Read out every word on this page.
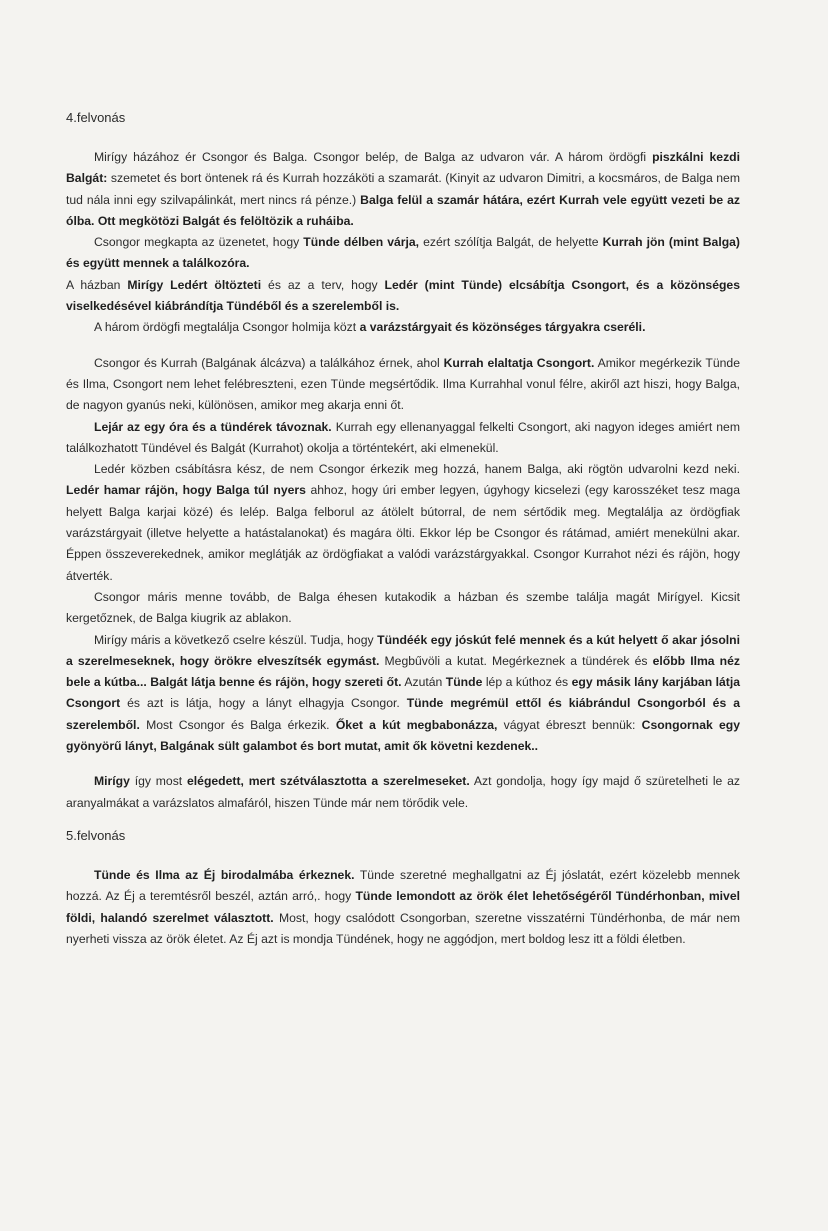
4.felvonás

Mirígy házához ér Csongor és Balga. Csongor belép, de Balga az udvaron vár. A három ördögfi piszkálni kezdi Balgát: szemetet és bort öntenek rá és Kurrah hozzáköti a szamarát. (Kinyit az udvaron Dimitri, a kocsmáros, de Balga nem tud nála inni egy szilvapálinkát, mert nincs rá pénze.) Balga felül a szamár hátára, ezért Kurrah vele együtt vezeti be az ólba. Ott megkötözi Balgát és felöltözik a ruháiba.

Csongor megkapta az üzenetet, hogy Tünde délben várja, ezért szólítja Balgát, de helyette Kurrah jön (mint Balga) és együtt mennek a találkozóra.

A házban Mirígy Ledért öltözteti és az a terv, hogy Ledér (mint Tünde) elcsábítja Csongort, és a közönséges viselkedésével kiábrándítja Tündéből és a szerelemből is.

A három ördögfi megtalálja Csongor holmija közt a varázstárgyait és közönséges tárgyakra cseréli.

Csongor és Kurrah (Balgának álcázva) a találkához érnek, ahol Kurrah elaltatja Csongort. Amikor megérkezik Tünde és Ilma, Csongort nem lehet felébreszteni, ezen Tünde megsértődik. Ilma Kurrahhal vonul félre, akiről azt hiszi, hogy Balga, de nagyon gyanús neki, különösen, amikor meg akarja enni őt.

Lejár az egy óra és a tündérek távoznak. Kurrah egy ellenanyaggal felkelti Csongort, aki nagyon ideges amiért nem találkozhatott Tündével és Balgát (Kurrahot) okolja a történtekért, aki elmenekül.

Ledér közben csábításra kész, de nem Csongor érkezik meg hozzá, hanem Balga, aki rögtön udvarolni kezd neki. Ledér hamar rájön, hogy Balga túl nyers ahhoz, hogy úri ember legyen, úgyhogy kicselezi (egy karosszéket tesz maga helyett Balga karjai közé) és lelép. Balga felborul az átölelt bútorral, de nem sértődik meg. Megtalálja az ördögfiak varázstárgyait (illetve helyette a hatástalanokat) és magára ölti. Ekkor lép be Csongor és rátámad, amiért menekülni akar. Éppen összeverekednek, amikor meglátják az ördögfiakat a valódi varázstárgyakkal. Csongor Kurrahot nézi és rájön, hogy átverték.

Csongor máris menne tovább, de Balga éhesen kutakodik a házban és szembe találja magát Mirígyel. Kicsit kergetőznek, de Balga kiugrik az ablakon.

Mirígy máris a következő cselre készül. Tudja, hogy Tündéék egy jóskút felé mennek és a kút helyett ő akar jósolni a szerelmeseknek, hogy örökre elveszítsék egymást. Megbűvöli a kutat. Megérkeznek a tündérek és előbb Ilma néz bele a kútba... Balgát látja benne és rájön, hogy szereti őt. Azután Tünde lép a kúthoz és egy másik lány karjában látja Csongort és azt is látja, hogy a lányt elhagyja Csongor. Tünde megrémül ettől és kiábrándul Csongorból és a szerelemből. Most Csongor és Balga érkezik. Őket a kút megbabonázza, vágyat ébreszt bennük: Csongornak egy gyönyörű lányt, Balgának sült galambot és bort mutat, amit ők követni kezdenek..

Mirígy így most elégedett, mert szétválasztotta a szerelmeseket. Azt gondolja, hogy így majd ő szüretelheti le az aranyalmákat a varázslatos almafáról, hiszen Tünde már nem törődik vele.

5.felvonás

Tünde és Ilma az Éj birodalmába érkeznek. Tünde szeretné meghallgatni az Éj jóslatát, ezért közelebb mennek hozzá. Az Éj a teremtésről beszél, aztán arró,. hogy Tünde lemondott az örök élet lehetőségéről Tündérhonban, mivel földi, halandó szerelmet választott. Most, hogy csalódott Csongorban, szeretne visszatérni Tündérhonba, de már nem nyerheti vissza az örök életet. Az Éj azt is mondja Tündének, hogy ne aggódjon, mert boldog lesz itt a földi életben.
